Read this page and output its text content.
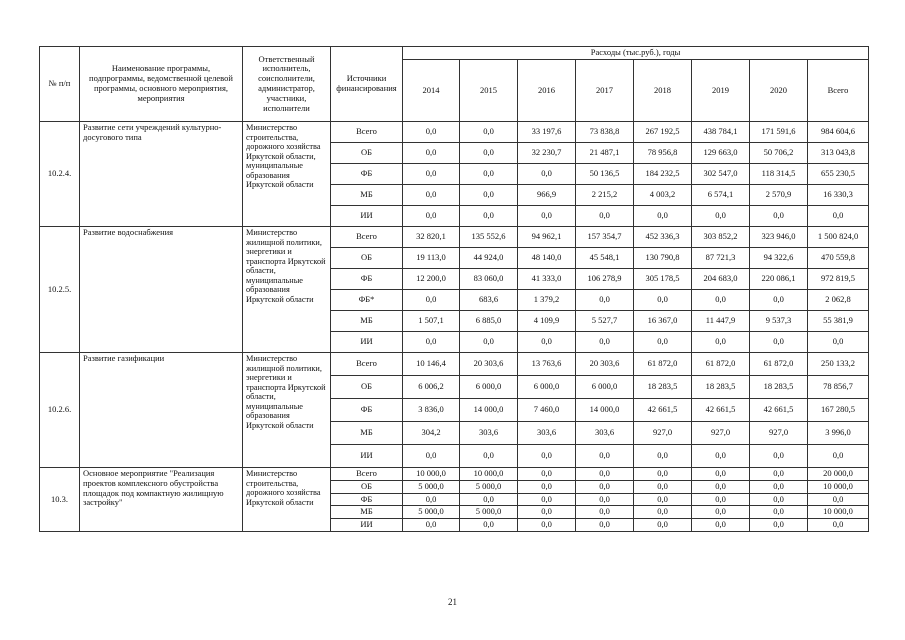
№ п/п	Наименование программы, подпрограммы, ведомственной целевой программы, основного мероприятия, мероприятия	Ответственный исполнитель, соисполнители, администратор, участники, исполнители	Источники финансирования	Расходы (тыс.руб.), годы							
				2014	2015	2016	2017	2018	2019	2020	Всего
10.2.4.	Развитие сети учреждений культурно-досугового типа	Министерство строительства, дорожного хозяйства Иркутской области, муниципальные образования Иркутской области	Всего	0,0	0,0	33 197,6	73 838,8	267 192,5	438 784,1	171 591,6	984 604,6
			ОБ	0,0	0,0	32 230,7	21 487,1	78 956,8	129 663,0	50 706,2	313 043,8
			ФБ	0,0	0,0	0,0	50 136,5	184 232,5	302 547,0	118 314,5	655 230,5
			МБ	0,0	0,0	966,9	2 215,2	4 003,2	6 574,1	2 570,9	16 330,3
			ИИ	0,0	0,0	0,0	0,0	0,0	0,0	0,0	0,0
10.2.5.	Развитие водоснабжения	Министерство жилищной политики, энергетики и транспорта Иркутской области, муниципальные образования Иркутской области	Всего	32 820,1	135 552,6	94 962,1	157 354,7	452 336,3	303 852,2	323 946,0	1 500 824,0
			ОБ	19 113,0	44 924,0	48 140,0	45 548,1	130 790,8	87 721,3	94 322,6	470 559,8
			ФБ	12 200,0	83 060,0	41 333,0	106 278,9	305 178,5	204 683,0	220 086,1	972 819,5
			ФБ*	0,0	683,6	1 379,2	0,0	0,0	0,0	0,0	2 062,8
			МБ	1 507,1	6 885,0	4 109,9	5 527,7	16 367,0	11 447,9	9 537,3	55 381,9
			ИИ	0,0	0,0	0,0	0,0	0,0	0,0	0,0	0,0
10.2.6.	Развитие газификации	Министерство жилищной политики, энергетики и транспорта Иркутской области, муниципальные образования Иркутской области	Всего	10 146,4	20 303,6	13 763,6	20 303,6	61 872,0	61 872,0	61 872,0	250 133,2
			ОБ	6 006,2	6 000,0	6 000,0	6 000,0	18 283,5	18 283,5	18 283,5	78 856,7
			ФБ	3 836,0	14 000,0	7 460,0	14 000,0	42 661,5	42 661,5	42 661,5	167 280,5
			МБ	304,2	303,6	303,6	303,6	927,0	927,0	927,0	3 996,0
			ИИ	0,0	0,0	0,0	0,0	0,0	0,0	0,0	0,0
10.3.	Основное мероприятие "Реализация проектов комплексного обустройства площадок под компактную жилищную застройку"	Министерство строительства, дорожного хозяйства Иркутской области	Всего	10 000,0	10 000,0	0,0	0,0	0,0	0,0	0,0	20 000,0
			ОБ	5 000,0	5 000,0	0,0	0,0	0,0	0,0	0,0	10 000,0
			ФБ	0,0	0,0	0,0	0,0	0,0	0,0	0,0	0,0
			МБ	5 000,0	5 000,0	0,0	0,0	0,0	0,0	0,0	10 000,0
			ИИ	0,0	0,0	0,0	0,0	0,0	0,0	0,0	0,0
21
